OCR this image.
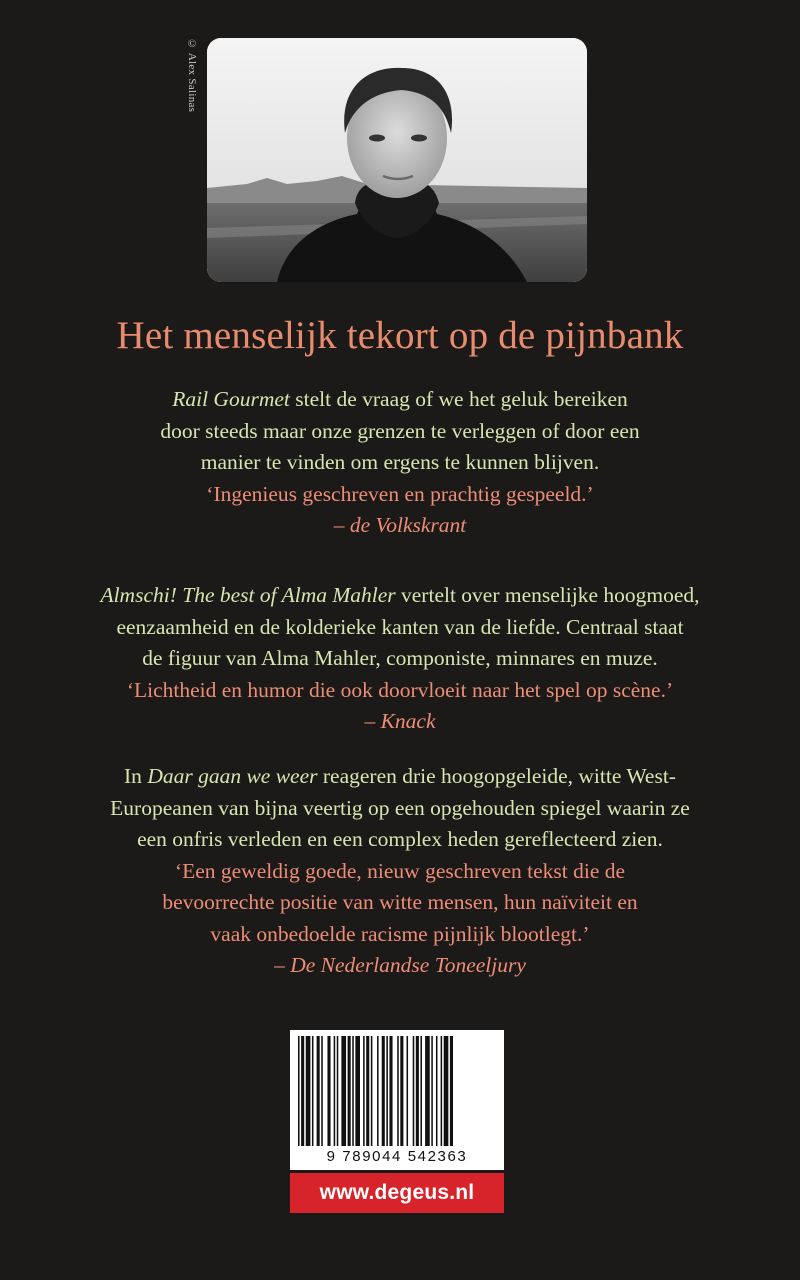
© Alex Salinas
Het menselijk tekort op de pijnbank
Rail Gourmet stelt de vraag of we het geluk bereiken
door steeds maar onze grenzen te verleggen of door een
manier te vinden om ergens te kunnen blijven.
‘Ingenieus geschreven en prachtig gespeeld.’
– de Volkskrant
Almschi! The best of Alma Mahler vertelt over menselijke hoogmoed,
eenzaamheid en de kolderieke kanten van de liefde. Centraal staat
de figuur van Alma Mahler, componiste, minnares en muze.
‘Lichtheid en humor die ook doorvloeit naar het spel op scène.’
– Knack
In Daar gaan we weer reageren drie hoogopgeleide, witte West-
Europeanen van bijna veertig op een opgehouden spiegel waarin ze
een onfris verleden en een complex heden gereflecteerd zien.
‘Een geweldig goede, nieuw geschreven tekst die de
bevoorrechte positie van witte mensen, hun naïviteit en
vaak onbedoelde racisme pijnlijk blootlegt.’
– De Nederlandse Toneeljury
9 789044 542363
www.degeus.nl
